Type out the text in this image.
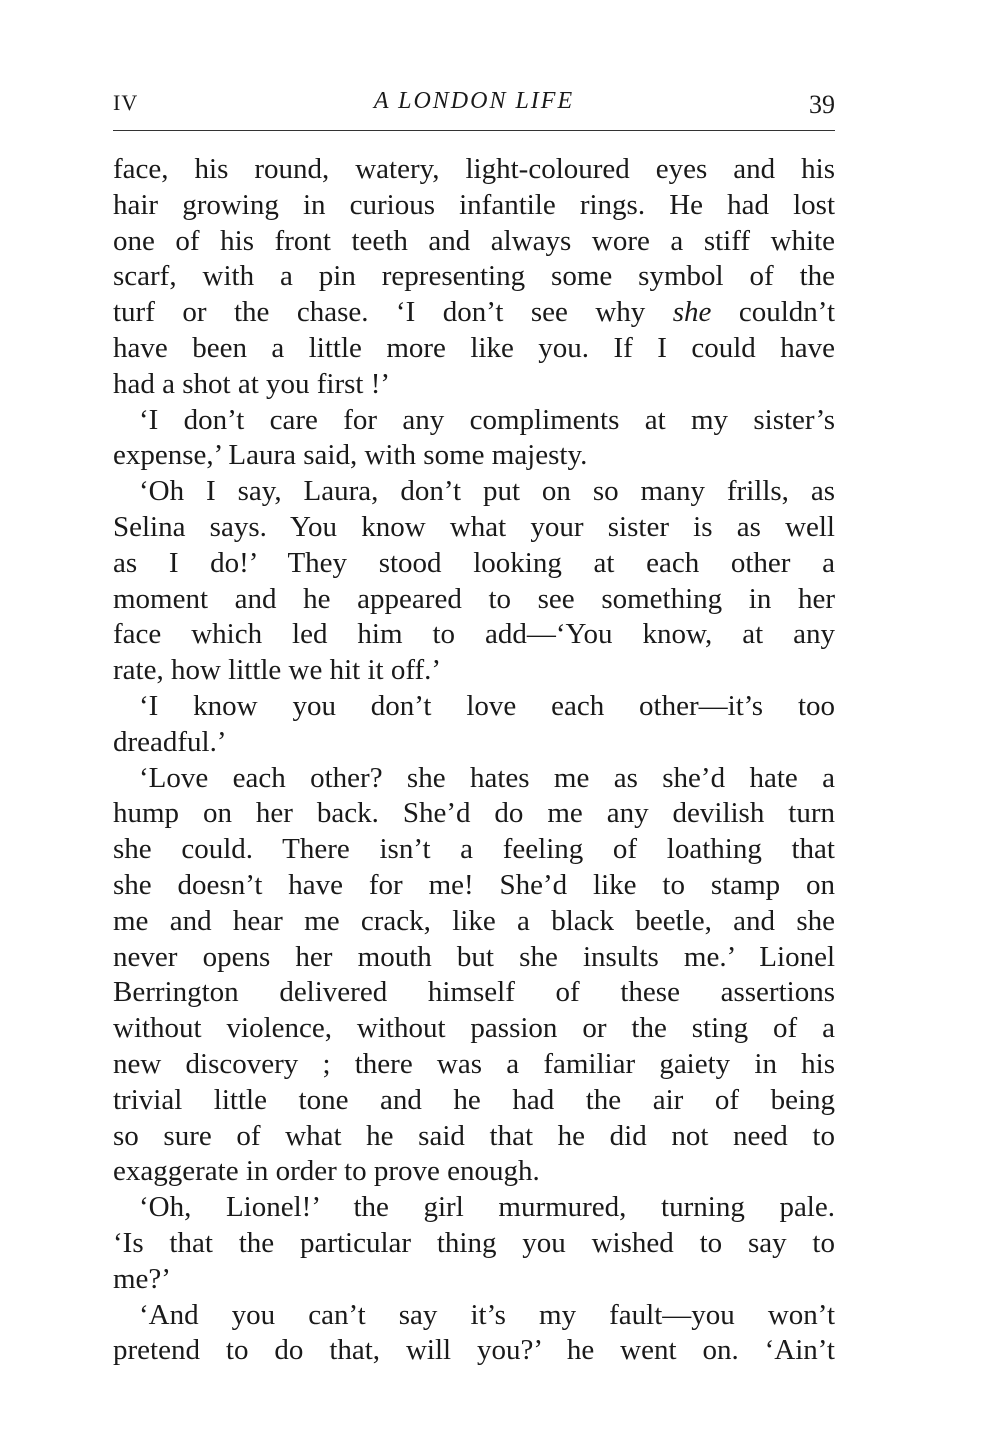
IV	A LONDON LIFE	39
face, his round, watery, light-coloured eyes and his
hair growing in curious infantile rings. He had lost
one of his front teeth and always wore a stiff white
scarf, with a pin representing some symbol of the
turf or the chase. ‘I don’t see why she couldn’t
have been a little more like you. If I could have
had a shot at you first !’
‘I don’t care for any compliments at my sister’s
expense,’ Laura said, with some majesty.
‘Oh I say, Laura, don’t put on so many frills, as
Selina says. You know what your sister is as well
as I do!’ They stood looking at each other a
moment and he appeared to see something in her
face which led him to add—‘You know, at any
rate, how little we hit it off.’
‘I know you don’t love each other—it’s too
dreadful.’
‘Love each other? she hates me as she’d hate a
hump on her back. She’d do me any devilish turn
she could. There isn’t a feeling of loathing that
she doesn’t have for me! She’d like to stamp on
me and hear me crack, like a black beetle, and she
never opens her mouth but she insults me.’ Lionel
Berrington delivered himself of these assertions
without violence, without passion or the sting of a
new discovery ; there was a familiar gaiety in his
trivial little tone and he had the air of being
so sure of what he said that he did not need to
exaggerate in order to prove enough.
‘Oh, Lionel!’ the girl murmured, turning pale.
‘Is that the particular thing you wished to say to
me?’
‘And you can’t say it’s my fault—you won’t
pretend to do that, will you?’ he went on. ‘Ain’t
